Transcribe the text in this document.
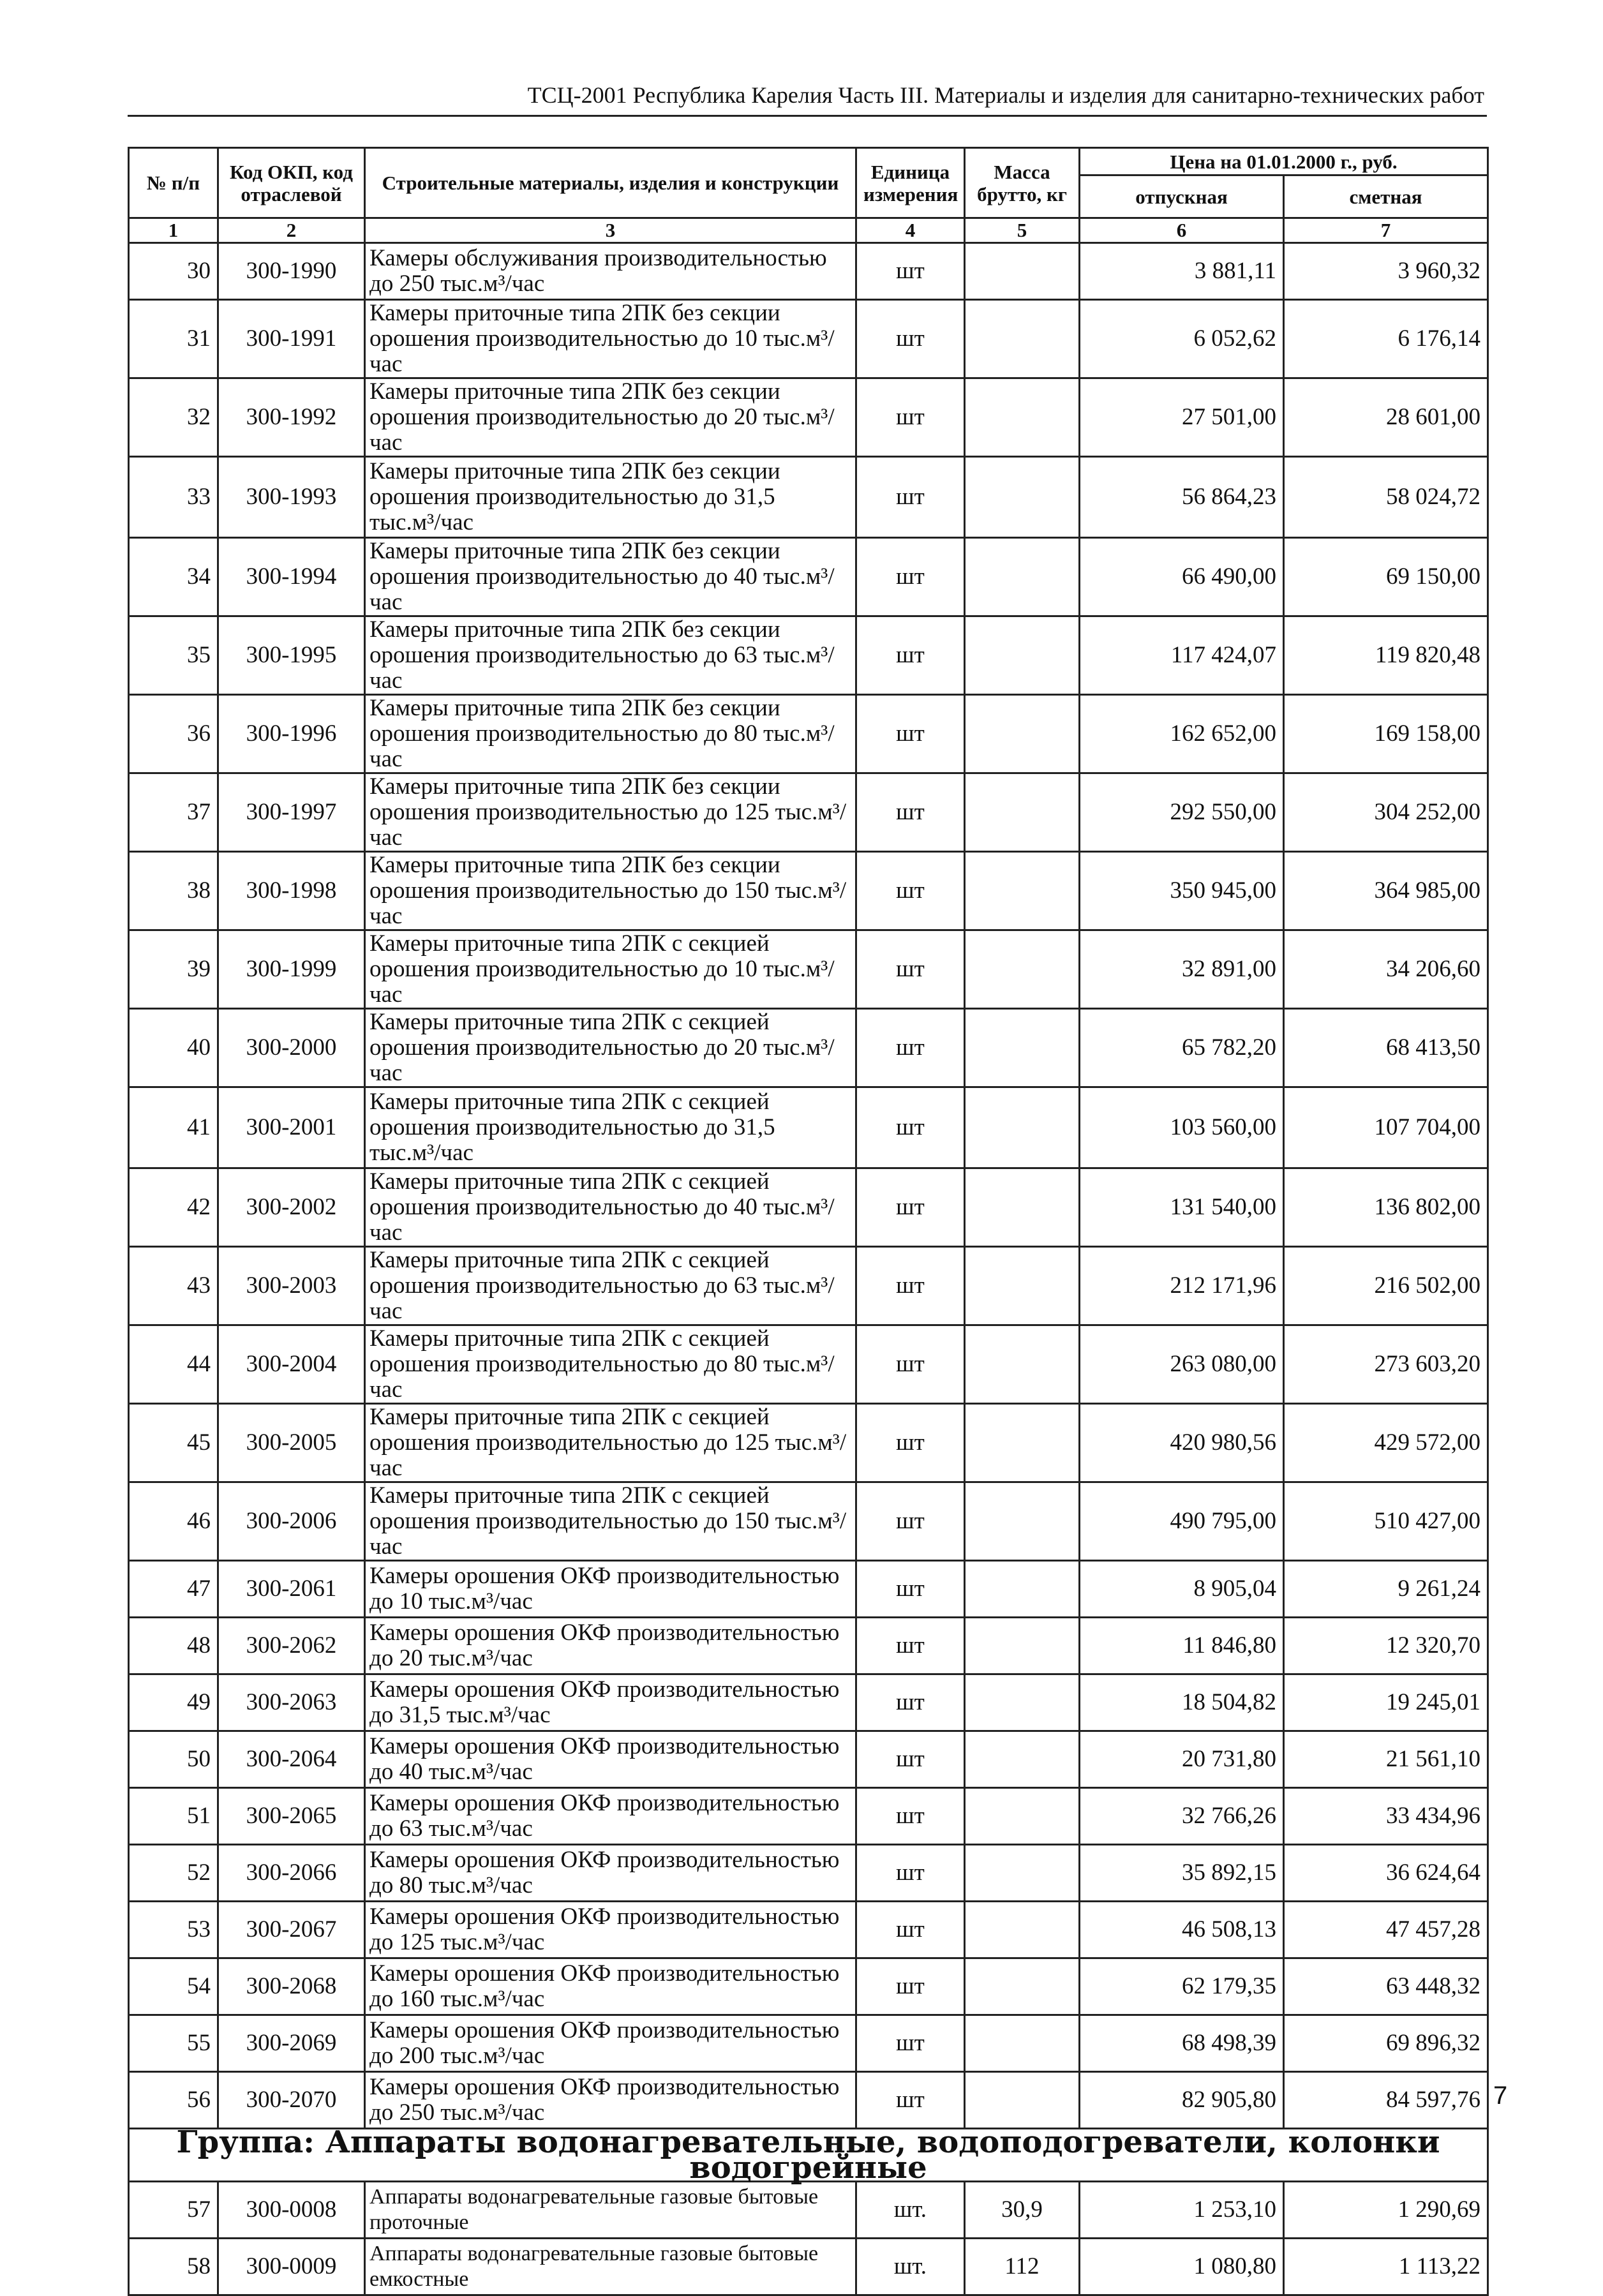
ТСЦ-2001 Республика Карелия Часть III. Материалы и изделия для санитарно-технических работ
№ п/п	Код ОКП, код отраслевой	Строительные материалы, изделия и конструкции	Единица измерения	Масса брутто, кг	Цена на 01.01.2000 г., руб.	
					отпускная	сметная
1	2	3	4	5	6	7
30	300-1990	Камеры обслуживания производительностью до 250 тыс.м³/час	шт		3 881,11	3 960,32
31	300-1991	Камеры приточные типа 2ПК без секции орошения производительностью до 10 тыс.м³/час	шт		6 052,62	6 176,14
32	300-1992	Камеры приточные типа 2ПК без секции орошения производительностью до 20 тыс.м³/час	шт		27 501,00	28 601,00
33	300-1993	Камеры приточные типа 2ПК без секции орошения производительностью до 31,5 тыс.м³/час	шт		56 864,23	58 024,72
34	300-1994	Камеры приточные типа 2ПК без секции орошения производительностью до 40 тыс.м³/час	шт		66 490,00	69 150,00
35	300-1995	Камеры приточные типа 2ПК без секции орошения производительностью до 63 тыс.м³/час	шт		117 424,07	119 820,48
36	300-1996	Камеры приточные типа 2ПК без секции орошения производительностью до 80 тыс.м³/час	шт		162 652,00	169 158,00
37	300-1997	Камеры приточные типа 2ПК без секции орошения производительностью до 125 тыс.м³/час	шт		292 550,00	304 252,00
38	300-1998	Камеры приточные типа 2ПК без секции орошения производительностью до 150 тыс.м³/час	шт		350 945,00	364 985,00
39	300-1999	Камеры приточные типа 2ПК с секцией орошения производительностью до 10 тыс.м³/час	шт		32 891,00	34 206,60
40	300-2000	Камеры приточные типа 2ПК с секцией орошения производительностью до 20 тыс.м³/час	шт		65 782,20	68 413,50
41	300-2001	Камеры приточные типа 2ПК с секцией орошения производительностью до 31,5 тыс.м³/час	шт		103 560,00	107 704,00
42	300-2002	Камеры приточные типа 2ПК с секцией орошения производительностью до 40 тыс.м³/час	шт		131 540,00	136 802,00
43	300-2003	Камеры приточные типа 2ПК с секцией орошения производительностью до 63 тыс.м³/час	шт		212 171,96	216 502,00
44	300-2004	Камеры приточные типа 2ПК с секцией орошения производительностью до 80 тыс.м³/час	шт		263 080,00	273 603,20
45	300-2005	Камеры приточные типа 2ПК с секцией орошения производительностью до 125 тыс.м³/час	шт		420 980,56	429 572,00
46	300-2006	Камеры приточные типа 2ПК с секцией орошения производительностью до 150 тыс.м³/час	шт		490 795,00	510 427,00
47	300-2061	Камеры орошения ОКФ производительностью до 10 тыс.м³/час	шт		8 905,04	9 261,24
48	300-2062	Камеры орошения ОКФ производительностью до 20 тыс.м³/час	шт		11 846,80	12 320,70
49	300-2063	Камеры орошения ОКФ производительностью до 31,5 тыс.м³/час	шт		18 504,82	19 245,01
50	300-2064	Камеры орошения ОКФ производительностью до 40 тыс.м³/час	шт		20 731,80	21 561,10
51	300-2065	Камеры орошения ОКФ производительностью до 63 тыс.м³/час	шт		32 766,26	33 434,96
52	300-2066	Камеры орошения ОКФ производительностью до 80 тыс.м³/час	шт		35 892,15	36 624,64
53	300-2067	Камеры орошения ОКФ производительностью до 125 тыс.м³/час	шт		46 508,13	47 457,28
54	300-2068	Камеры орошения ОКФ производительностью до 160 тыс.м³/час	шт		62 179,35	63 448,32
55	300-2069	Камеры орошения ОКФ производительностью до 200 тыс.м³/час	шт		68 498,39	69 896,32
56	300-2070	Камеры орошения ОКФ производительностью до 250 тыс.м³/час	шт		82 905,80	84 597,76
Группа: Аппараты водонагревательные, водоподогреватели, колонки водогрейные						
57	300-0008	Аппараты водонагревательные газовые бытовые проточные	шт.	30,9	1 253,10	1 290,69
58	300-0009	Аппараты водонагревательные газовые бытовые емкостные	шт.	112	1 080,80	1 113,22
7
